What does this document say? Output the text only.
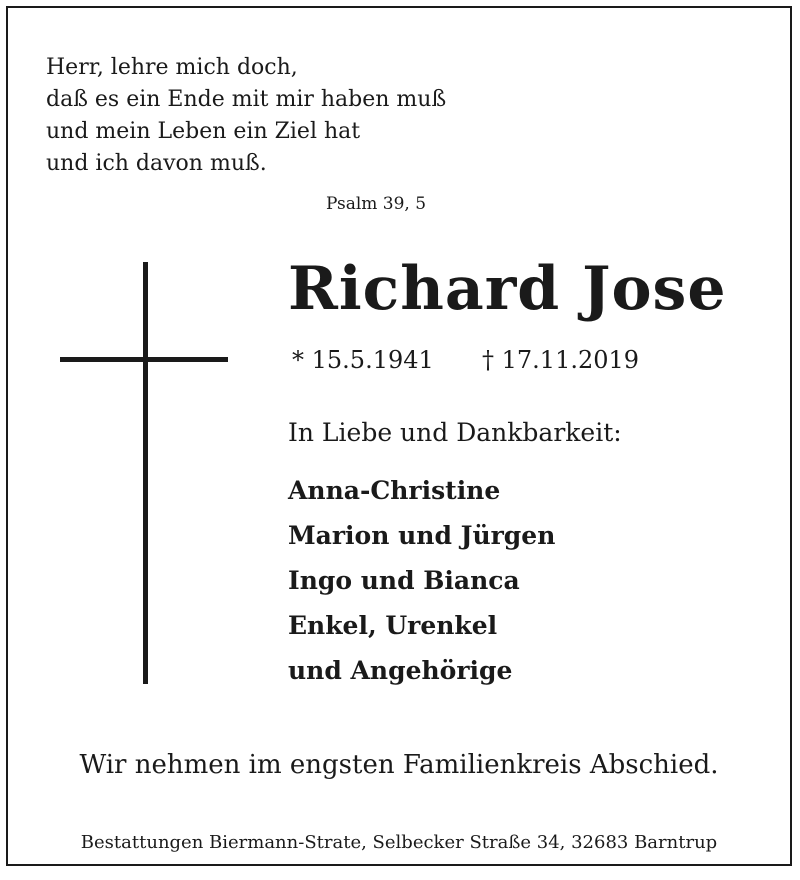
Herr, lehre mich doch,
daß es ein Ende mit mir haben muß
und mein Leben ein Ziel hat
und ich davon muß.
Psalm 39, 5
Richard Jose
* 15.5.1941 † 17.11.2019
In Liebe und Dankbarkeit:
Anna-Christine
Marion und Jürgen
Ingo und Bianca
Enkel, Urenkel
und Angehörige
Wir nehmen im engsten Familienkreis Abschied.
Bestattungen Biermann-Strate, Selbecker Straße 34, 32683 Barntrup
